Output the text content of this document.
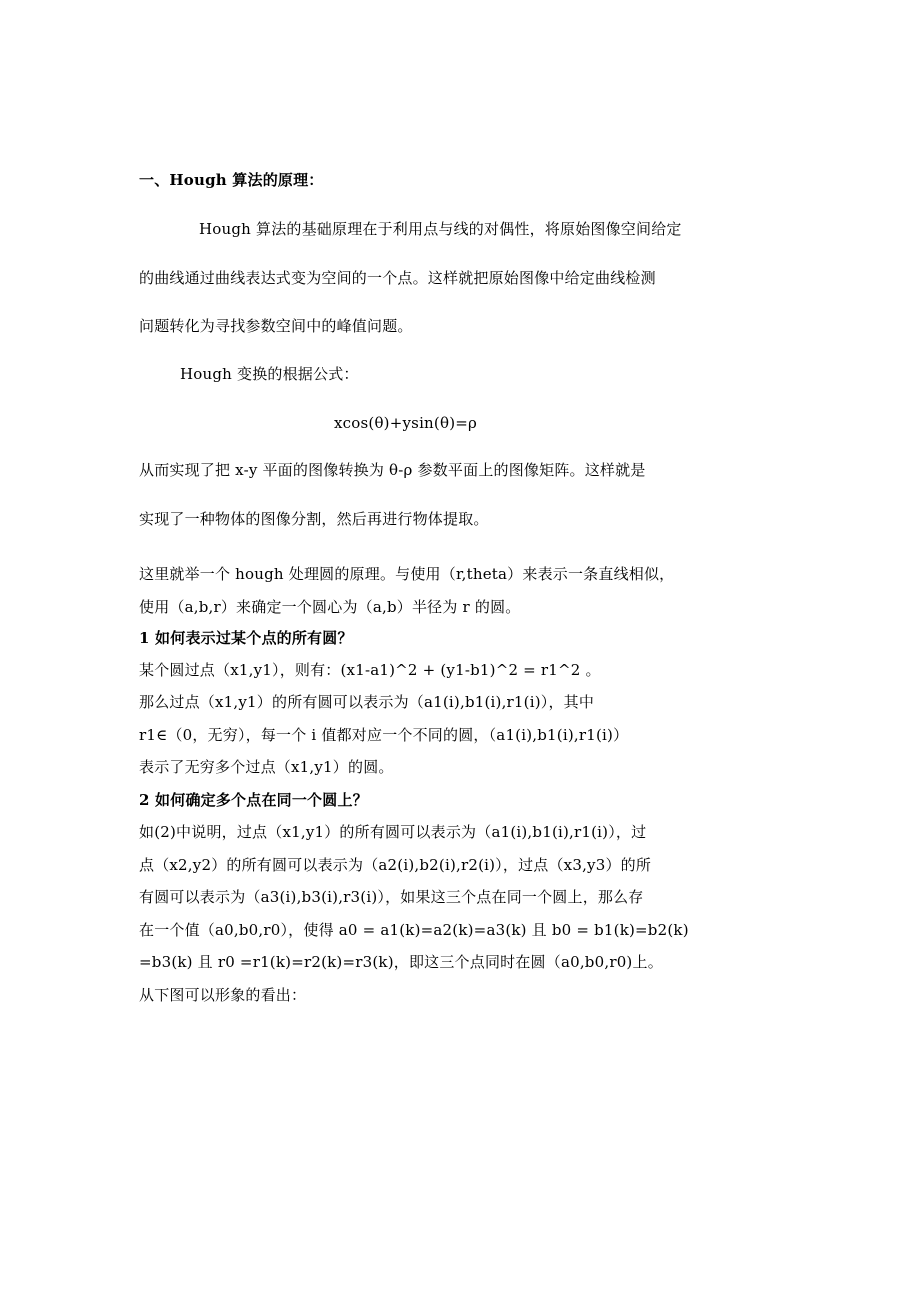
一、Hough 算法的原理：
Hough 算法的基础原理在于利用点与线的对偶性，将原始图像空间给定
的曲线通过曲线表达式变为空间的一个点。这样就把原始图像中给定曲线检测
问题转化为寻找参数空间中的峰值问题。
Hough 变换的根据公式：
xcos(θ)+ysin(θ)=ρ
从而实现了把 x-y 平面的图像转换为 θ-ρ 参数平面上的图像矩阵。这样就是
实现了一种物体的图像分割，然后再进行物体提取。
这里就举一个 hough 处理圆的原理。与使用（r,theta）来表示一条直线相似，
使用（a,b,r）来确定一个圆心为（a,b）半径为 r 的圆。
1 如何表示过某个点的所有圆？
某个圆过点（x1,y1），则有：(x1-a1)^2 + (y1-b1)^2 = r1^2 。
那么过点（x1,y1）的所有圆可以表示为（a1(i),b1(i),r1(i)），其中
r1∈（0，无穷），每一个 i 值都对应一个不同的圆，（a1(i),b1(i),r1(i)）
表示了无穷多个过点（x1,y1）的圆。
2 如何确定多个点在同一个圆上？
如(2)中说明，过点（x1,y1）的所有圆可以表示为（a1(i),b1(i),r1(i)），过
点（x2,y2）的所有圆可以表示为（a2(i),b2(i),r2(i)），过点（x3,y3）的所
有圆可以表示为（a3(i),b3(i),r3(i)），如果这三个点在同一个圆上，那么存
在一个值（a0,b0,r0），使得 a0 = a1(k)=a2(k)=a3(k) 且 b0 = b1(k)=b2(k)
=b3(k) 且 r0 =r1(k)=r2(k)=r3(k)，即这三个点同时在圆（a0,b0,r0)上。
从下图可以形象的看出：
